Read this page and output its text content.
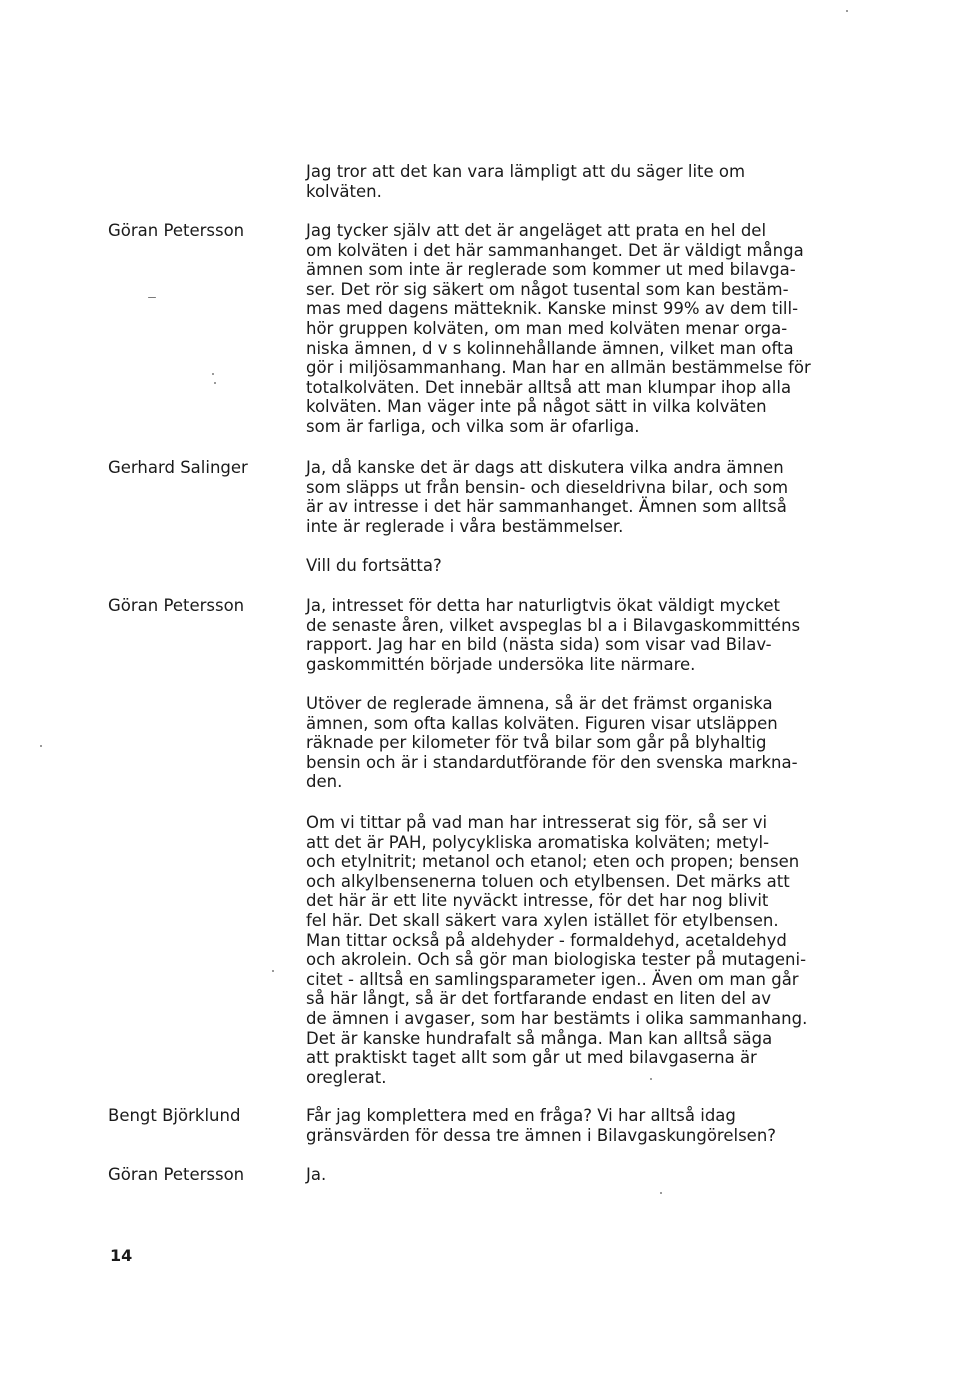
Jag tror att det kan vara lämpligt att du säger lite om
kolväten.
Göran Petersson	Jag tycker själv att det är angeläget att prata en hel del
om kolväten i det här sammanhanget. Det är väldigt många
ämnen som inte är reglerade som kommer ut med bilavga-
ser. Det rör sig säkert om något tusental som kan bestäm-
mas med dagens mätteknik. Kanske minst 99% av dem till-
hör gruppen kolväten, om man med kolväten menar orga-
niska ämnen, d v s kolinnehållande ämnen, vilket man ofta
gör i miljösammanhang. Man har en allmän bestämmelse för
totalkolväten. Det innebär alltså att man klumpar ihop alla
kolväten. Man väger inte på något sätt in vilka kolväten
som är farliga, och vilka som är ofarliga.
Gerhard Salinger	Ja, då kanske det är dags att diskutera vilka andra ämnen
som släpps ut från bensin- och dieseldrivna bilar, och som
är av intresse i det här sammanhanget. Ämnen som alltså
inte är reglerade i våra bestämmelser.
Vill du fortsätta?
Göran Petersson	Ja, intresset för detta har naturligtvis ökat väldigt mycket
de senaste åren, vilket avspeglas bl a i Bilavgaskommitténs
rapport. Jag har en bild (nästa sida) som visar vad Bilav-
gaskommittén började undersöka lite närmare.
Utöver de reglerade ämnena, så är det främst organiska
ämnen, som ofta kallas kolväten. Figuren visar utsläppen
räknade per kilometer för två bilar som går på blyhaltig
bensin och är i standardutförande för den svenska markna-
den.
Om vi tittar på vad man har intresserat sig för, så ser vi
att det är PAH, polycykliska aromatiska kolväten; metyl-
och etylnitrit; metanol och etanol; eten och propen; bensen
och alkylbensenerna toluen och etylbensen. Det märks att
det här är ett lite nyväckt intresse, för det har nog blivit
fel här. Det skall säkert vara xylen istället för etylbensen.
Man tittar också på aldehyder - formaldehyd, acetaldehyd
och akrolein. Och så gör man biologiska tester på mutageni-
citet - alltså en samlingsparameter igen.. Även om man går
så här långt, så är det fortfarande endast en liten del av
de ämnen i avgaser, som har bestämts i olika sammanhang.
Det är kanske hundrafalt så många. Man kan alltså säga
att praktiskt taget allt som går ut med bilavgaserna är
oreglerat.
Bengt Björklund	Får jag komplettera med en fråga? Vi har alltså idag
gränsvärden för dessa tre ämnen i Bilavgaskungörelsen?
Göran Petersson	Ja.
14
